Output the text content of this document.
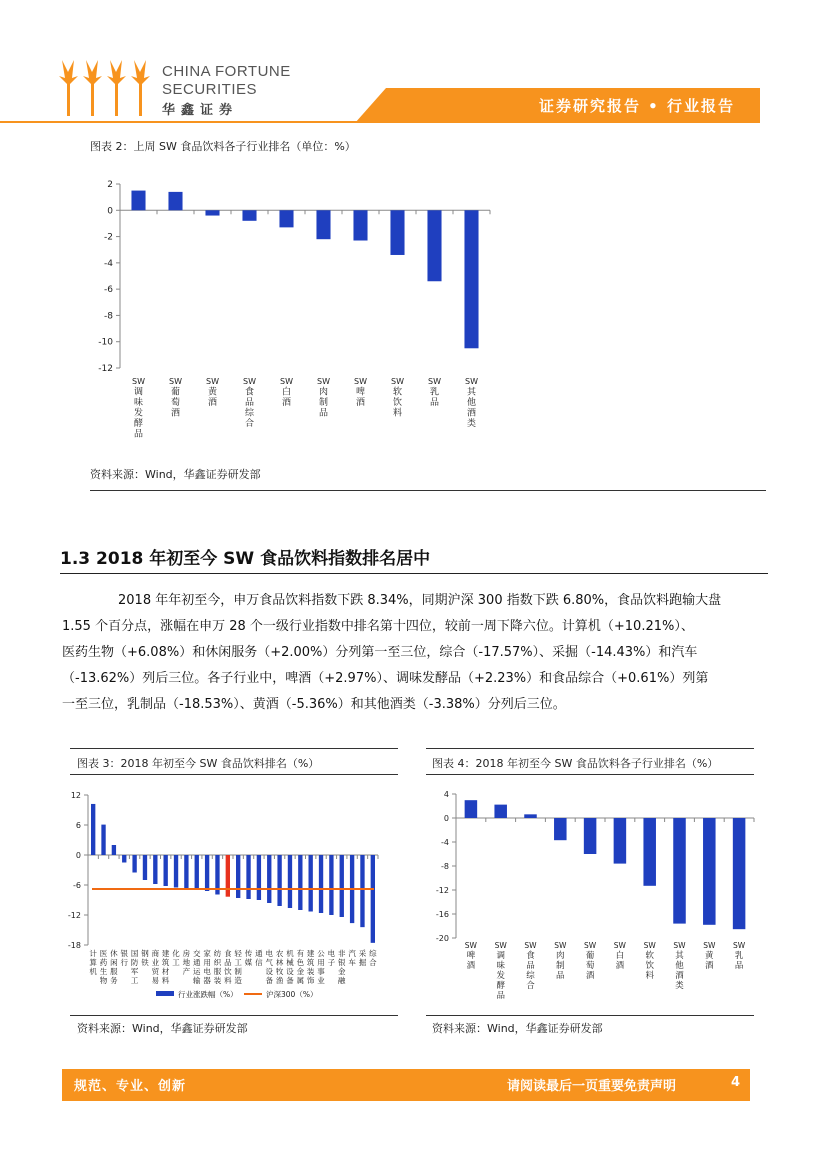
CHINA FORTUNE
SECURITIES
华鑫证券	证券研究报告 • 行业报告
图表 2：上周 SW 食品饮料各子行业排名（单位：%）
2
0
-2
-4
-6
-8
-10
-12
SW 调味发酵品
SW 葡萄酒
SW 黄酒
SW 食品综合
SW 白酒
SW 肉制品
SW 啤酒
SW 软饮料
SW 乳品
SW 其他酒类
资料来源：Wind，华鑫证券研发部
1.3 2018 年初至今 SW 食品饮料指数排名居中
2018 年年初至今，申万食品饮料指数下跌 8.34%，同期沪深 300 指数下跌 6.80%，食品饮料跑输大盘
1.55 个百分点，涨幅在申万 28 个一级行业指数中排名第十四位，较前一周下降六位。计算机（+10.21%）、
医药生物（+6.08%）和休闲服务（+2.00%）分列第一至三位，综合（-17.57%）、采掘（-14.43%）和汽车
（-13.62%）列后三位。各子行业中，啤酒（+2.97%）、调味发酵品（+2.23%）和食品综合（+0.61%）列第
一至三位，乳制品（-18.53%）、黄酒（-5.36%）和其他酒类（-3.38%）分列后三位。
图表 3：2018 年初至今 SW 食品饮料排名（%）
12
6
0
-6
-12
-18
计算机
医药生物
休闲服务
银行
国防军工
钢铁
商业贸易
建筑材料
化工
房地产
交通运输
家用电器
纺织服装
食品饮料
轻工制造
传媒
通信
电气设备
农林牧渔
机械设备
有色金属
建筑装饰
公用事业
电子
非银金融
汽车
采掘
综合
行业涨跌幅（%）	沪深300（%）
资料来源：Wind，华鑫证券研发部
图表 4：2018 年初至今 SW 食品饮料各子行业排名（%）
4
0
-4
-8
-12
-16
-20
SW 啤酒
SW 调味发酵品
SW 食品综合
SW 肉制品
SW 葡萄酒
SW 白酒
SW 软饮料
SW 其他酒类
SW 黄酒
SW 乳品
资料来源：Wind，华鑫证券研发部
规范、专业、创新	请阅读最后一页重要免责声明	4
